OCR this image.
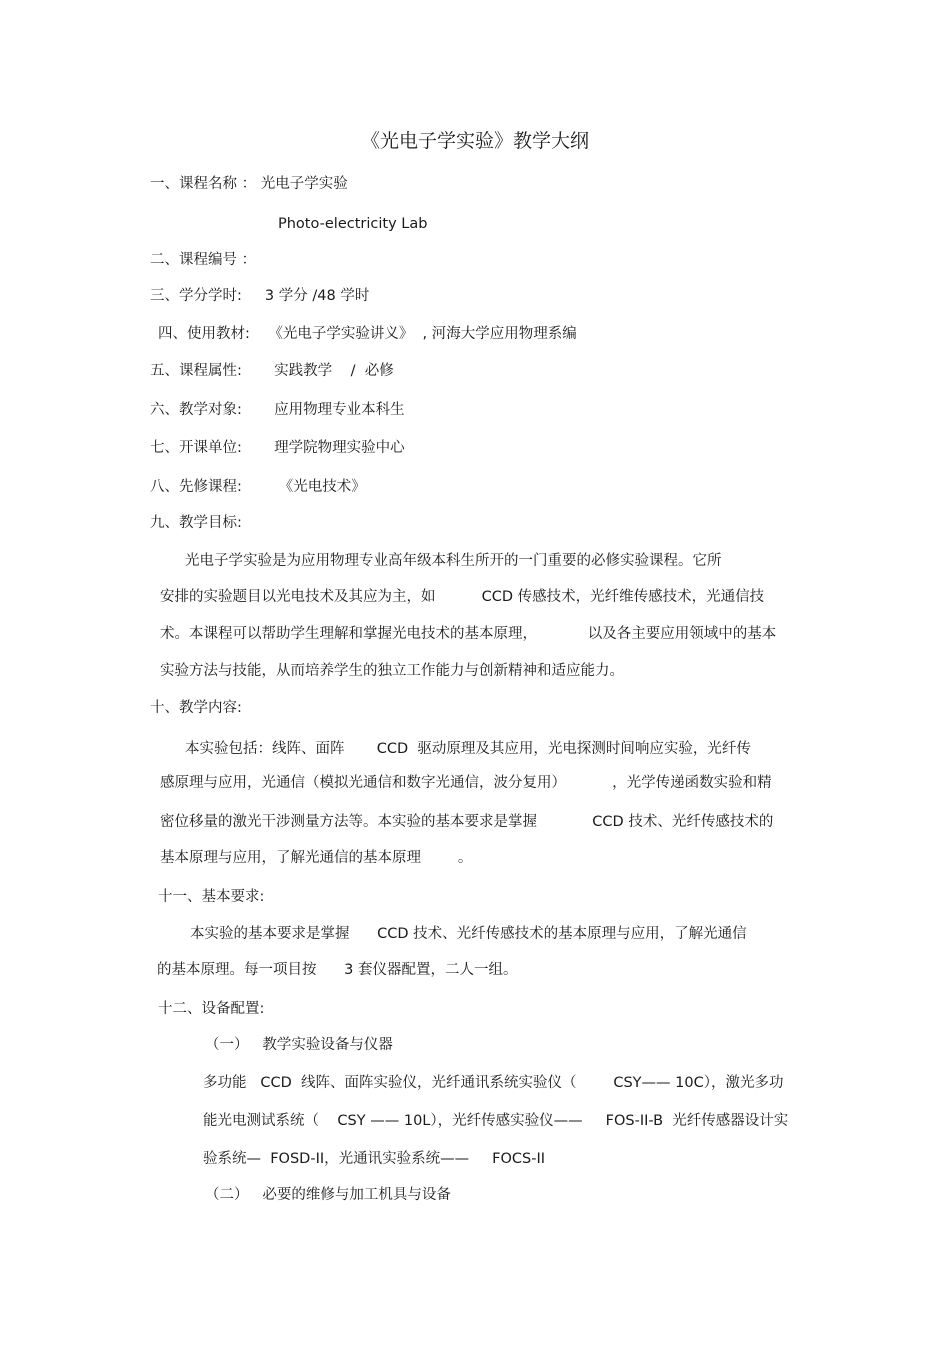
《光电子学实验》教学大纲
一、课程名称 ： 光电子学实验
Photo-electricity Lab
二、课程编号 ：
三、学分学时:     3 学分 /48 学时
四、使用教材:    《光电子学实验讲义》  , 河海大学应用物理系编
五、课程属性:       实践教学    /  必修
六、教学对象:       应用物理专业本科生
七、开课单位:       理学院物理实验中心
八、先修课程:        《光电技术》
九、教学目标:
光电子学实验是为应用物理专业高年级本科生所开的一门重要的必修实验课程。它所
安排的实验题目以光电技术及其应为主，如          CCD 传感技术，光纤维传感技术，光通信技
术。本课程可以帮助学生理解和掌握光电技术的基本原理，           以及各主要应用领域中的基本
实验方法与技能，从而培养学生的独立工作能力与创新精神和适应能力。
十、教学内容:
本实验包括：线阵、面阵       CCD  驱动原理及其应用，光电探测时间响应实验，光纤传
感原理与应用，光通信（模拟光通信和数字光通信，波分复用）          ，光学传递函数实验和精
密位移量的激光干涉测量方法等。本实验的基本要求是掌握            CCD 技术、光纤传感技术的
基本原理与应用，了解光通信的基本原理        。
十一、基本要求:
本实验的基本要求是掌握      CCD 技术、光纤传感技术的基本原理与应用，了解光通信
的基本原理。每一项目按      3 套仪器配置，二人一组。
十二、设备配置:
（一）   教学实验设备与仪器
多功能   CCD  线阵、面阵实验仪，光纤通讯系统实验仪（        CSY—— 10C），激光多功
能光电测试系统（    CSY —— 10L），光纤传感实验仪——     FOS-II-B  光纤传感器设计实
验系统—  FOSD-II，光通讯实验系统——     FOCS-II
（二）   必要的维修与加工机具与设备
